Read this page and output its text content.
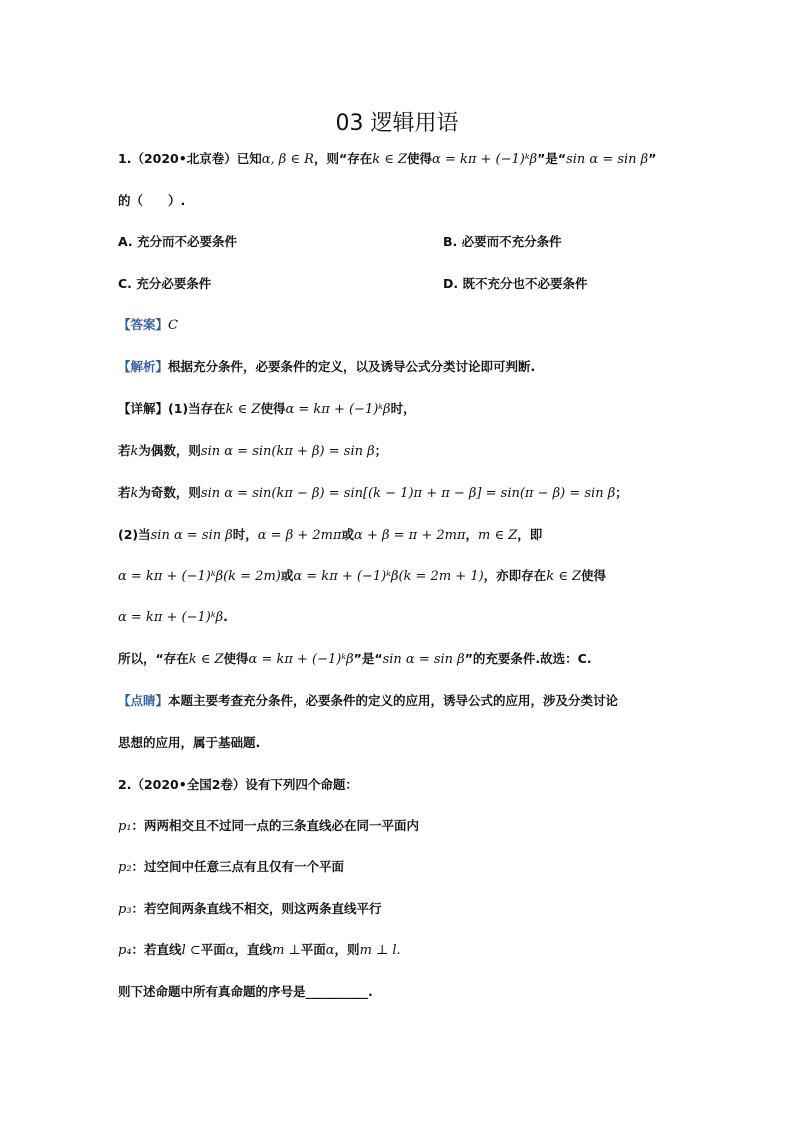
03 逻辑用语
1.（2020•北京卷）已知α, β ∈ R，则“存在k ∈ Z使得α = kπ + (−1)ᵏβ”是“sin α = sin β”
的（　　）.
A. 充分而不必要条件	B. 必要而不充分条件
C. 充分必要条件	D. 既不充分也不必要条件
【答案】C
【解析】根据充分条件，必要条件的定义，以及诱导公式分类讨论即可判断.
【详解】(1)当存在k ∈ Z使得α = kπ + (−1)ᵏβ时，
若k为偶数，则sin α = sin(kπ + β) = sin β；
若k为奇数，则sin α = sin(kπ − β) = sin[(k − 1)π + π − β] = sin(π − β) = sin β；
(2)当sin α = sin β时，α = β + 2mπ或α + β = π + 2mπ，m ∈ Z，即
α = kπ + (−1)ᵏβ(k = 2m)或α = kπ + (−1)ᵏβ(k = 2m + 1)，亦即存在k ∈ Z使得
α = kπ + (−1)ᵏβ.
所以，“存在k ∈ Z使得α = kπ + (−1)ᵏβ”是“sin α = sin β”的充要条件.故选：C.
【点睛】本题主要考查充分条件，必要条件的定义的应用，诱导公式的应用，涉及分类讨论
思想的应用，属于基础题.
2.（2020•全国2卷）设有下列四个命题：
p₁：两两相交且不过同一点的三条直线必在同一平面内
p₂：过空间中任意三点有且仅有一个平面
p₃：若空间两条直线不相交，则这两条直线平行
p₄：若直线l ⊂平面α，直线m ⊥平面α，则m ⊥ l.
则下述命题中所有真命题的序号是__________.
